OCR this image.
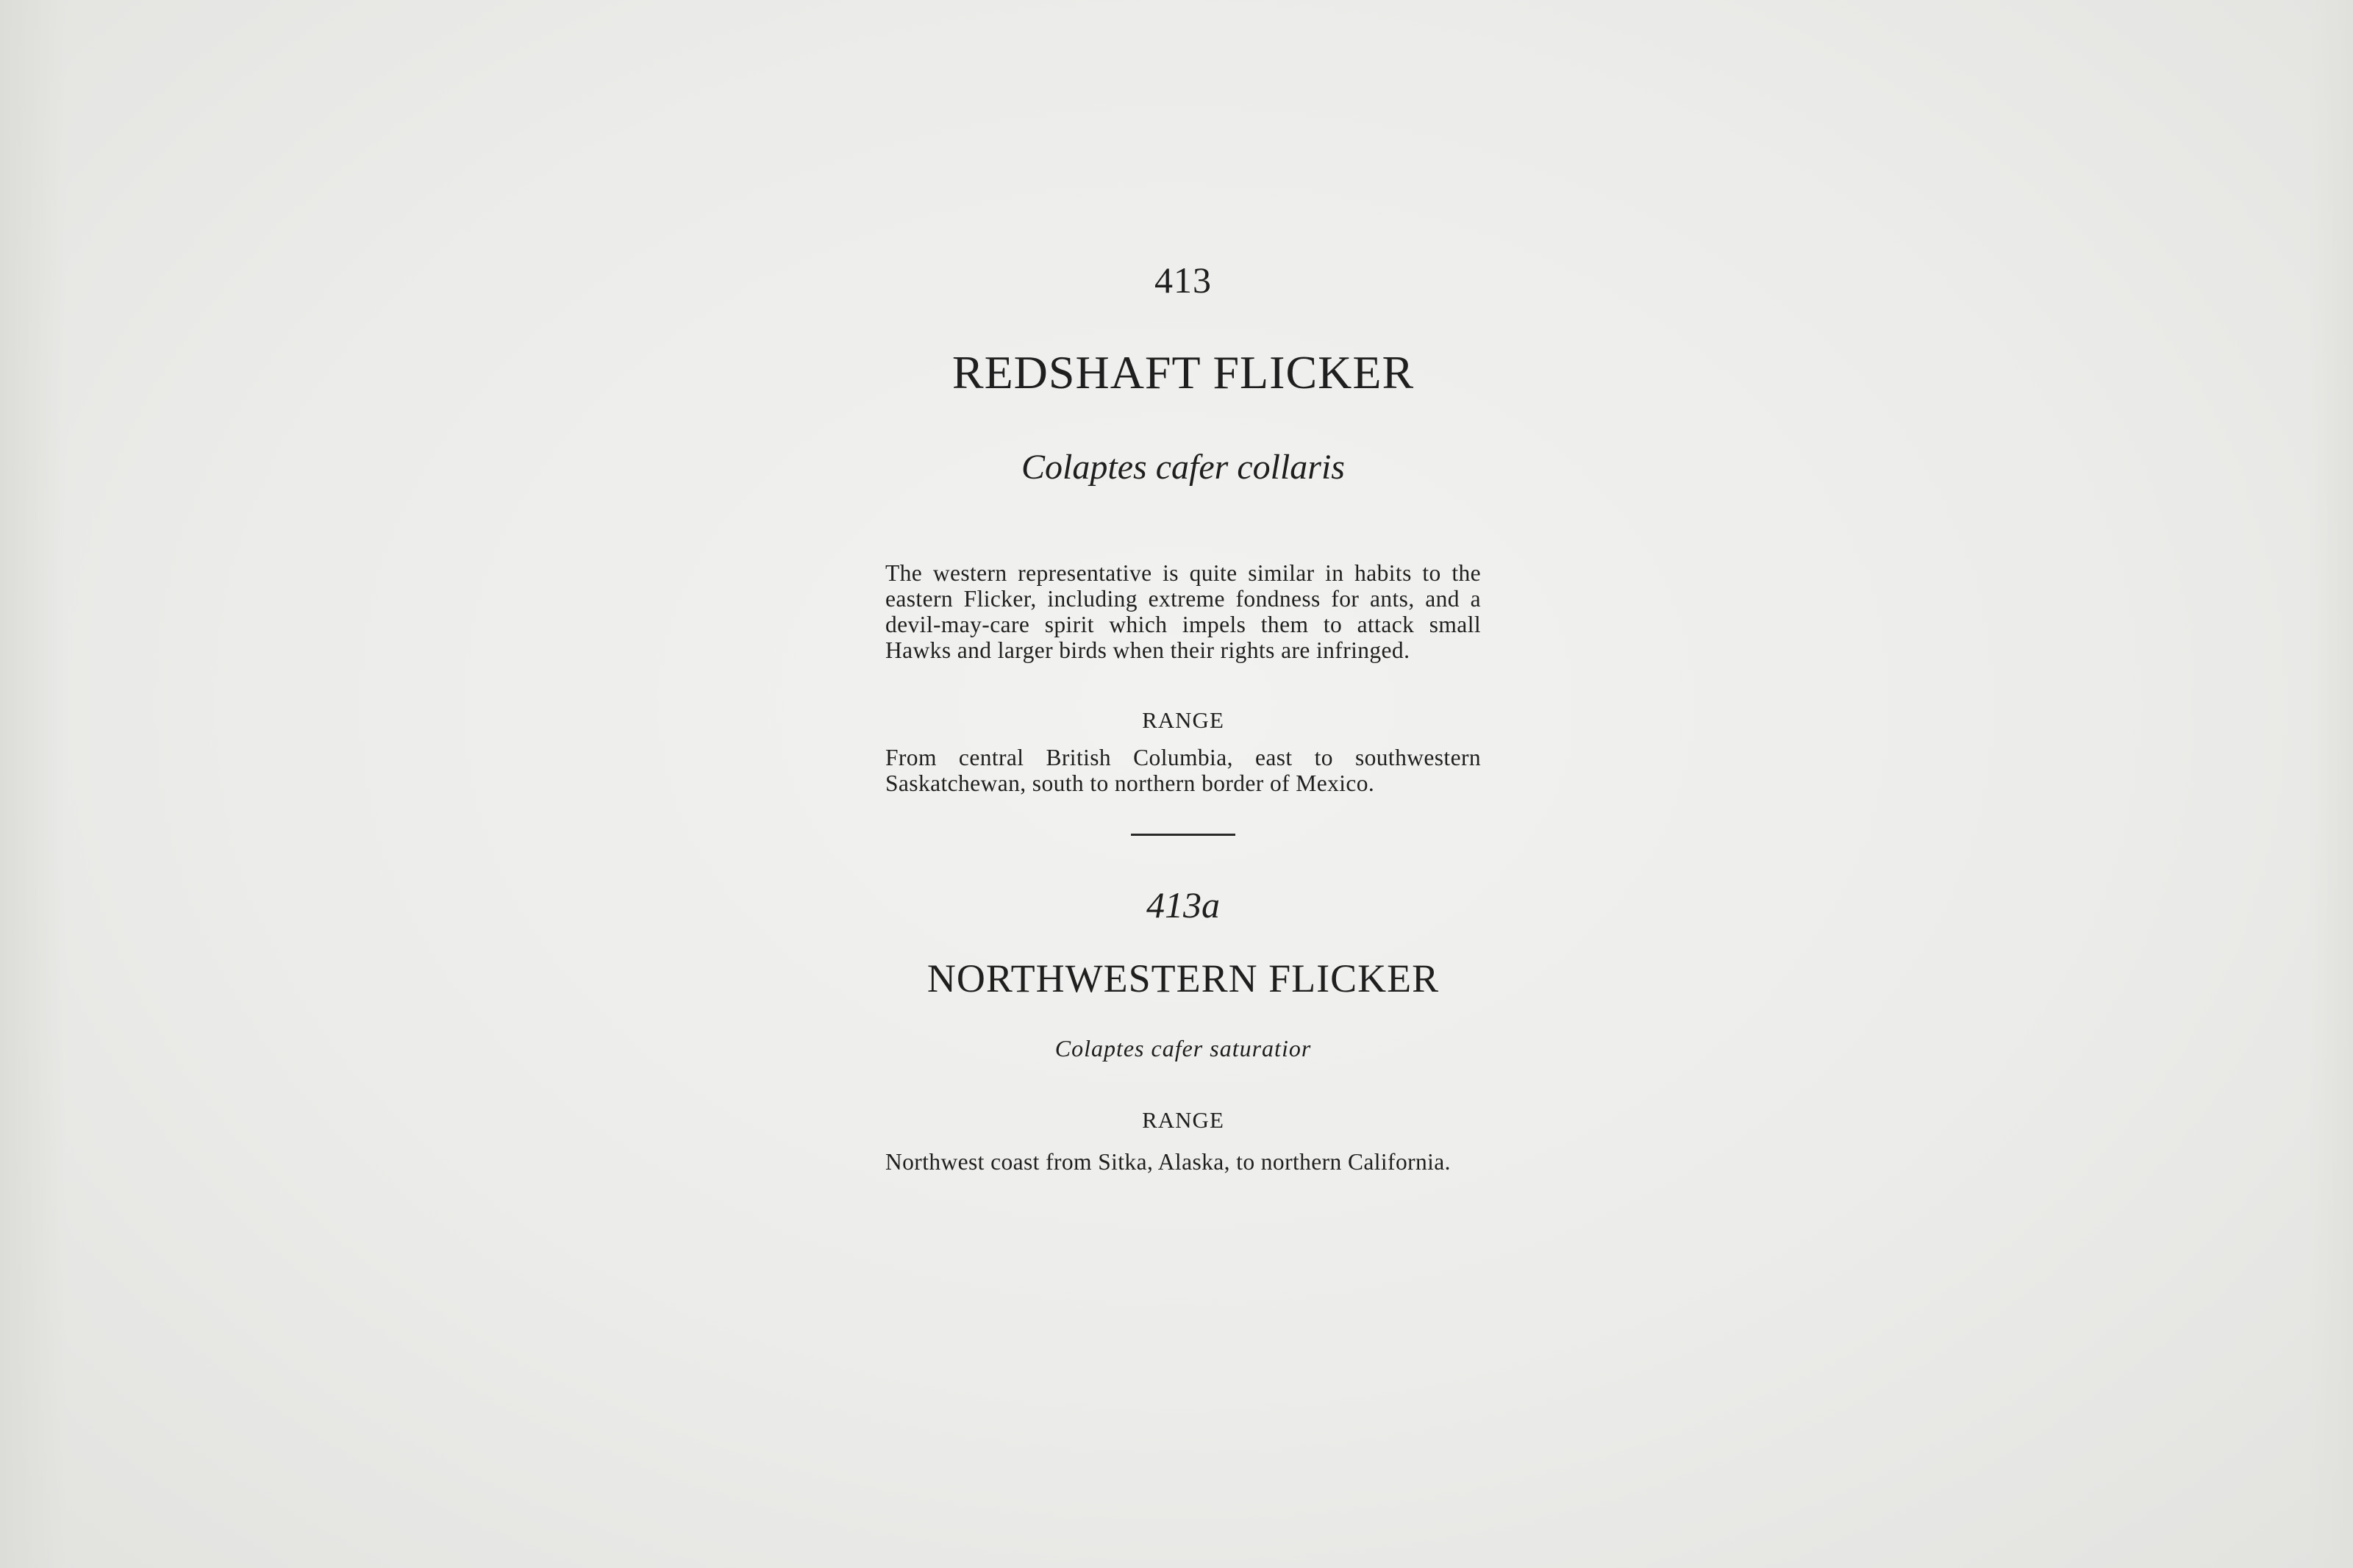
413

REDSHAFT FLICKER

Colaptes cafer collaris

The western representative is quite similar in habits to the eastern Flicker, including extreme fondness for ants, and a devil-may-care spirit which impels them to attack small Hawks and larger birds when their rights are infringed.

RANGE

From central British Columbia, east to southwestern Saskatchewan, south to northern border of Mexico.

413a

NORTHWESTERN FLICKER

Colaptes cafer saturatior

RANGE

Northwest coast from Sitka, Alaska, to northern California.
